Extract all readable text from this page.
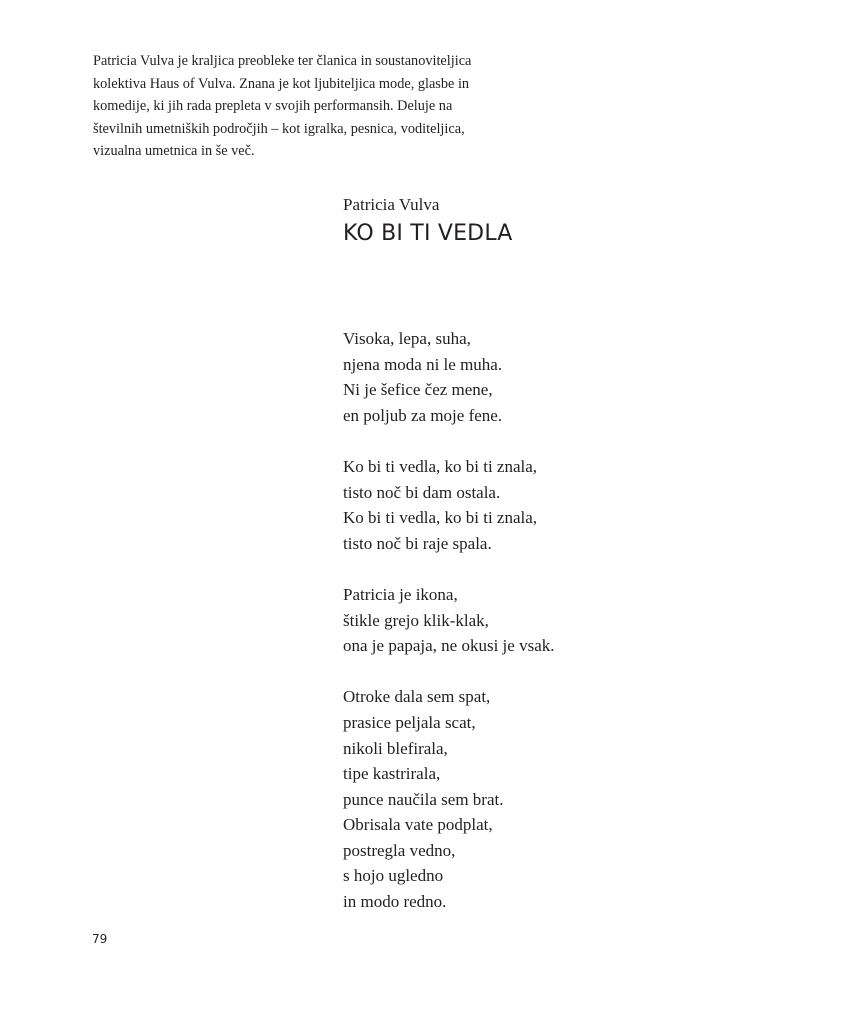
Patricia Vulva je kraljica preobleke ter članica in soustanoviteljica
kolektiva Haus of Vulva. Znana je kot ljubiteljica mode, glasbe in
komedije, ki jih rada prepleta v svojih performansih. Deluje na
številnih umetniških področjih – kot igralka, pesnica, voditeljica,
vizualna umetnica in še več.

Patricia Vulva

KO BI TI VEDLA
Visoka, lepa, suha,
njena moda ni le muha.
Ni je šefice čez mene,
en poljub za moje fene.
Ko bi ti vedla, ko bi ti znala,
tisto noč bi dam ostala.
Ko bi ti vedla, ko bi ti znala,
tisto noč bi raje spala.
Patricia je ikona,
štikle grejo klik-klak,
ona je papaja, ne okusi je vsak.
Otroke dala sem spat,
prasice peljala scat,
nikoli blefirala,
tipe kastrirala,
punce naučila sem brat.
Obrisala vate podplat,
postregla vedno,
s hojo ugledno
in modo redno.
79
